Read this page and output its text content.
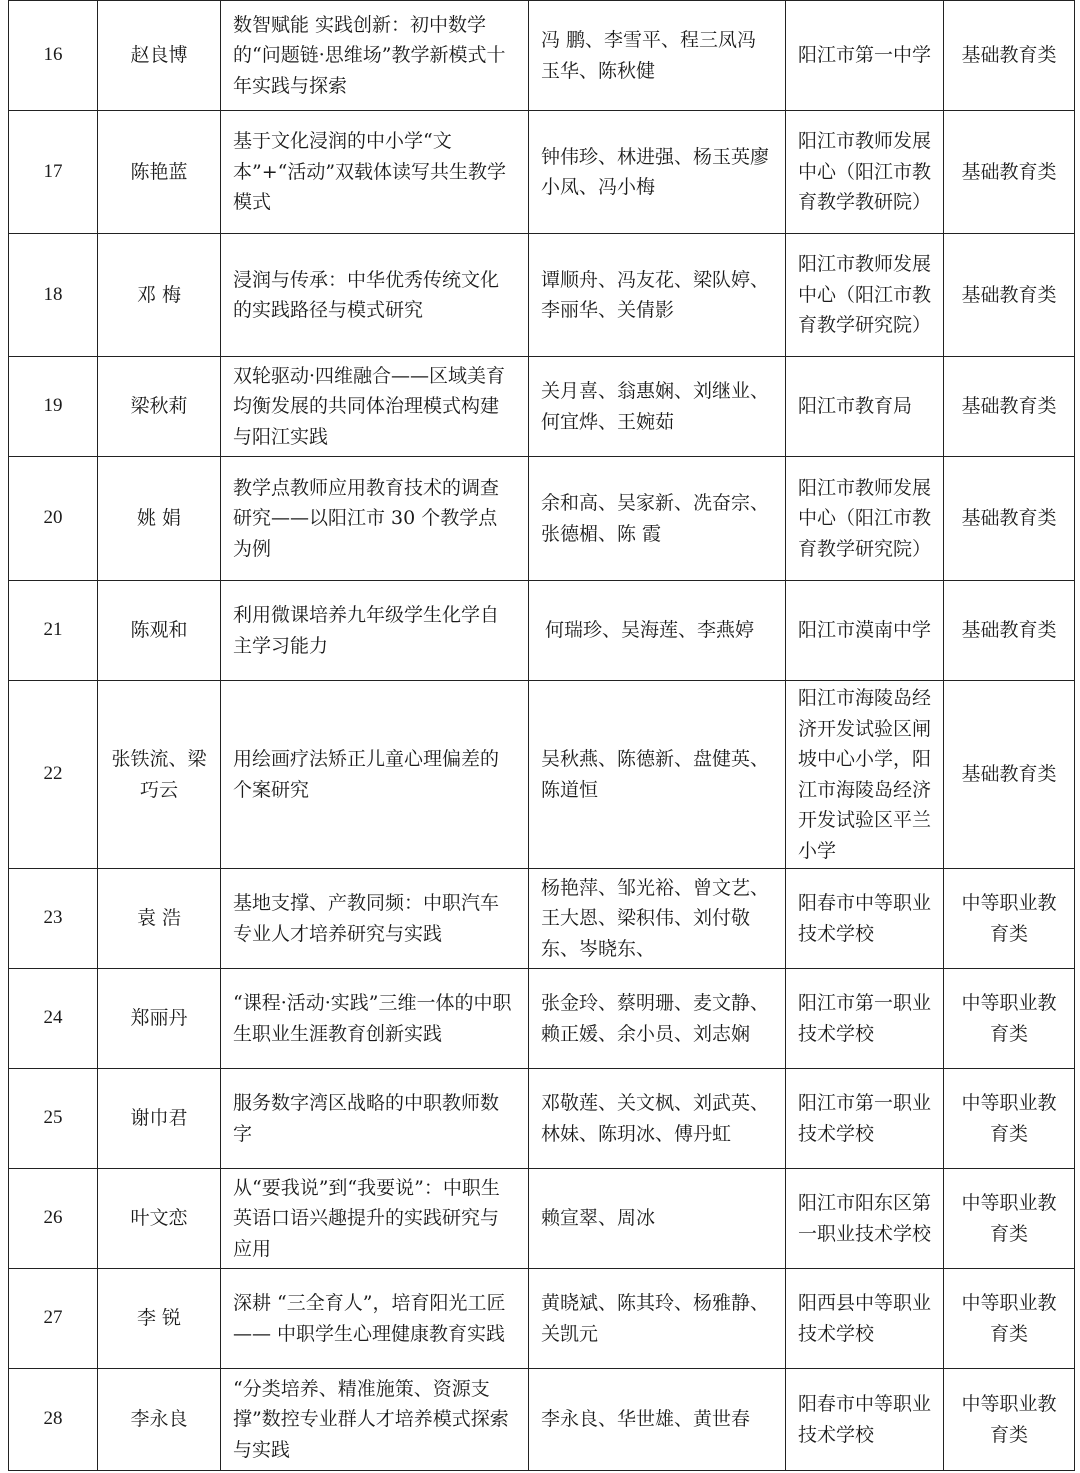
16	赵良博	数智赋能 实践创新：初中数学的“问题链·思维场”教学新模式十年实践与探索	冯 鹏、李雪平、程三凤冯玉华、陈秋健	阳江市第一中学	基础教育类
17	陈艳蓝	基于文化浸润的中小学“文本”+“活动”双载体读写共生教学模式	钟伟珍、林进强、杨玉英廖小凤、冯小梅	阳江市教师发展中心（阳江市教育教学教研院）	基础教育类
18	邓 梅	浸润与传承：中华优秀传统文化的实践路径与模式研究	谭顺舟、冯友花、梁队婷、李丽华、关倩影	阳江市教师发展中心（阳江市教育教学研究院）	基础教育类
19	梁秋莉	双轮驱动·四维融合——区域美育均衡发展的共同体治理模式构建与阳江实践	关月喜、翁惠娴、刘继业、何宜烨、王婉茹	阳江市教育局	基础教育类
20	姚 娟	教学点教师应用教育技术的调查研究——以阳江市 30 个教学点为例	余和高、吴家新、冼奋宗、张德楣、陈 霞	阳江市教师发展中心（阳江市教育教学研究院）	基础教育类
21	陈观和	利用微课培养九年级学生化学自主学习能力	何瑞珍、吴海莲、李燕婷	阳江市漠南中学	基础教育类
22	张铁流、梁巧云	用绘画疗法矫正儿童心理偏差的个案研究	吴秋燕、陈德新、盘健英、陈道恒	阳江市海陵岛经济开发试验区闸坡中心小学，阳江市海陵岛经济开发试验区平兰小学	基础教育类
23	袁 浩	基地支撑、产教同频：中职汽车专业人才培养研究与实践	杨艳萍、邹光裕、曾文艺、王大恩、梁积伟、刘付敬东、岑晓东、	阳春市中等职业技术学校	中等职业教育类
24	郑丽丹	“课程·活动·实践”三维一体的中职生职业生涯教育创新实践	张金玲、蔡明珊、麦文静、赖正媛、余小员、刘志娴	阳江市第一职业技术学校	中等职业教育类
25	谢巾君	服务数字湾区战略的中职教师数字	邓敬莲、关文枫、刘武英、林妹、陈玥冰、傅丹虹	阳江市第一职业技术学校	中等职业教育类
26	叶文恋	从“要我说”到“我要说”：中职生英语口语兴趣提升的实践研究与应用	赖宣翠、周冰	阳江市阳东区第一职业技术学校	中等职业教育类
27	李 锐	深耕 “三全育人”，培育阳光工匠—— 中职学生心理健康教育实践	黄晓斌、陈其玲、杨雅静、关凯元	阳西县中等职业技术学校	中等职业教育类
28	李永良	“分类培养、精准施策、资源支撑”数控专业群人才培养模式探索与实践	李永良、华世雄、黄世春	阳春市中等职业技术学校	中等职业教育类
